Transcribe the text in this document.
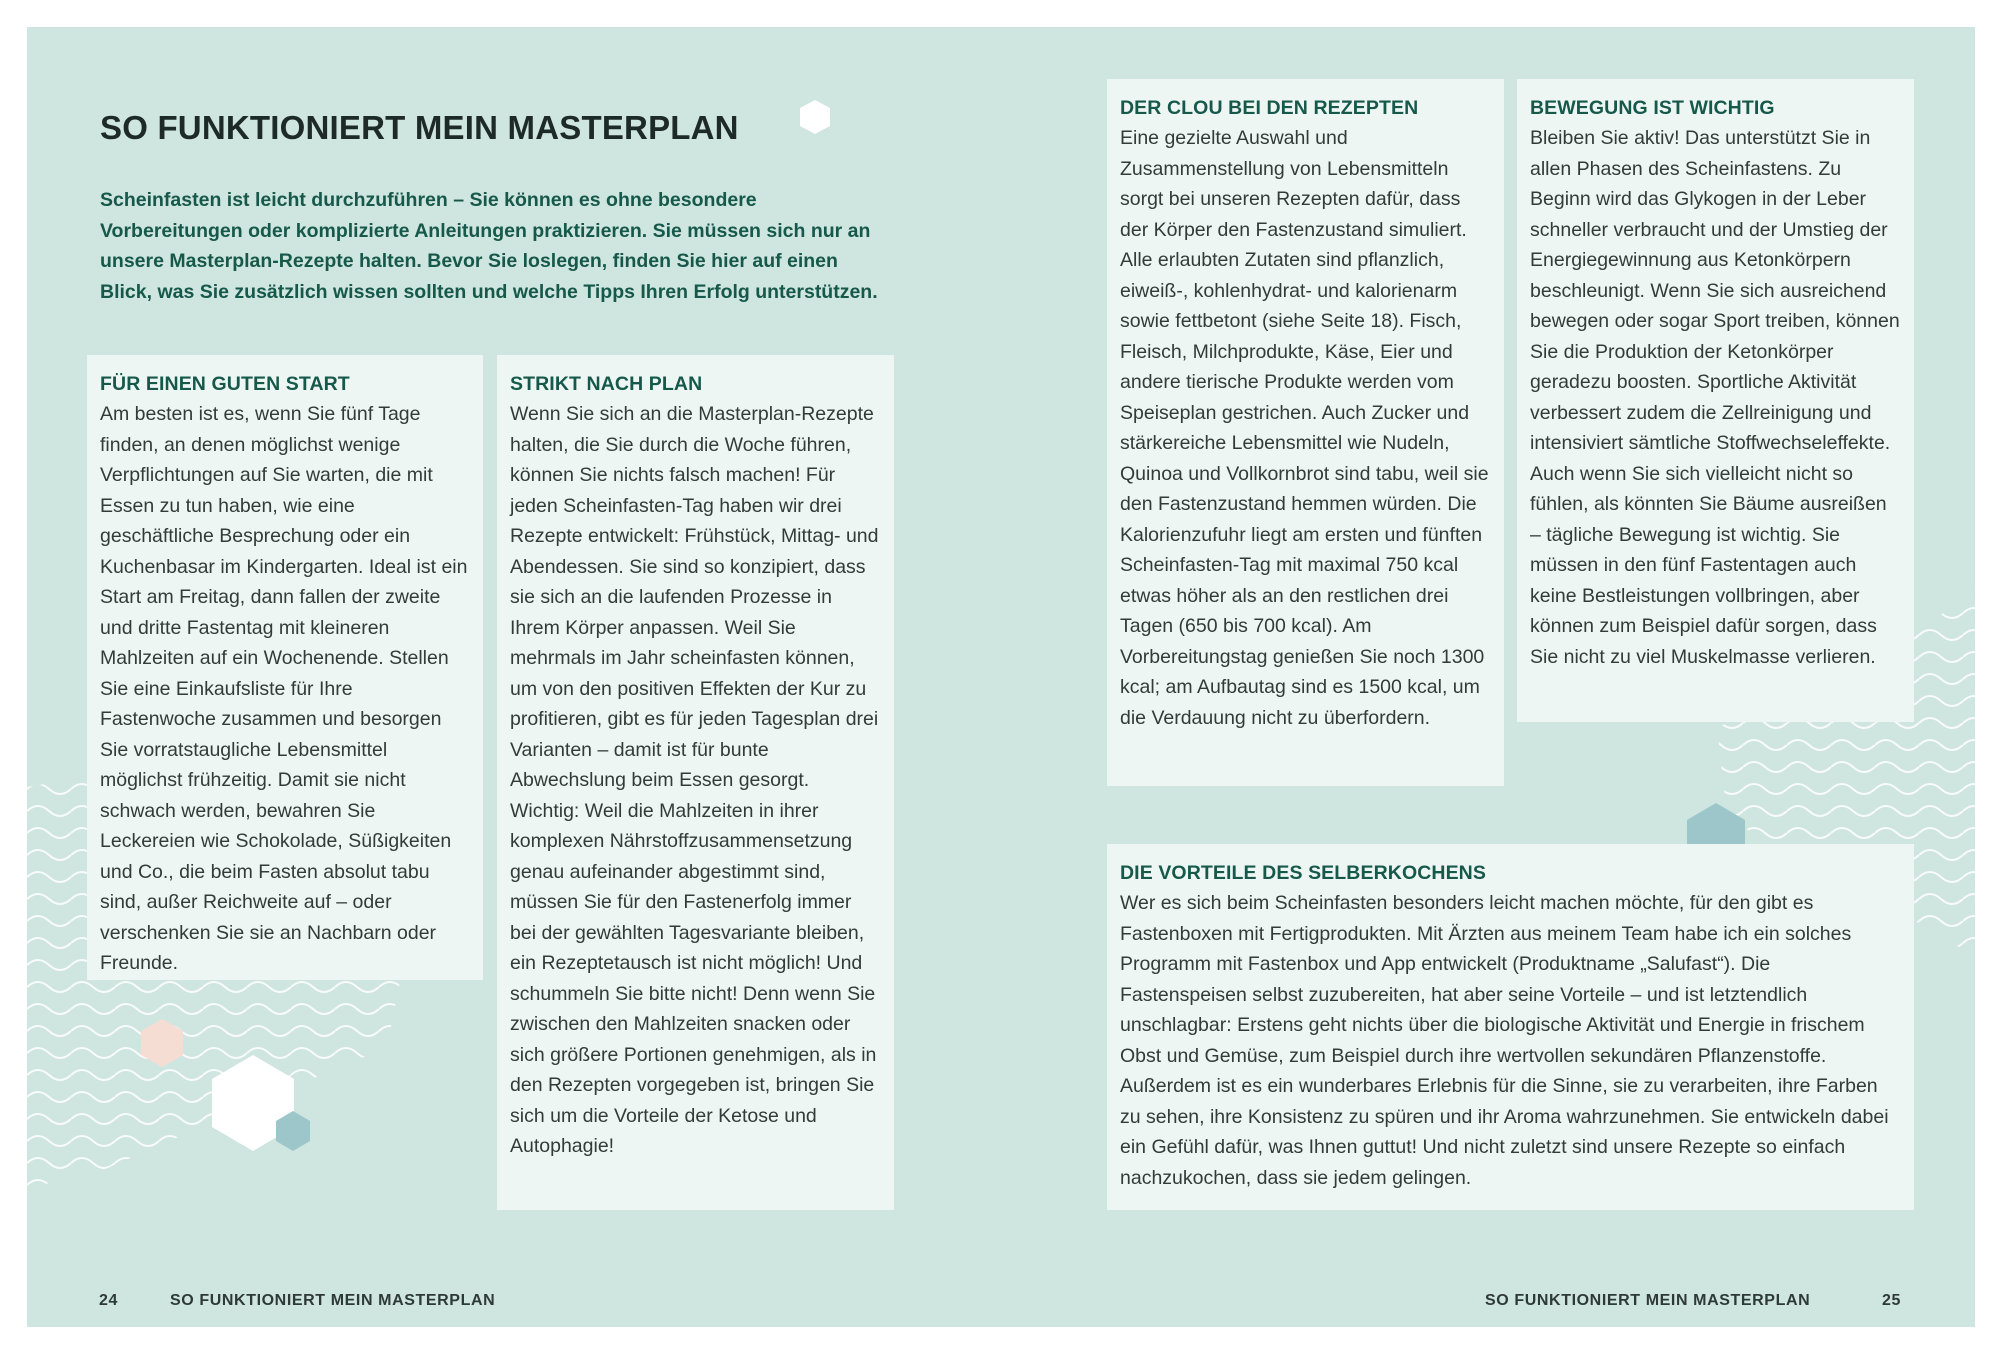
SO FUNKTIONIERT MEIN MASTERPLAN

Scheinfasten ist leicht durchzuführen – Sie können es ohne besondere Vorbereitungen oder komplizierte Anleitungen praktizieren. Sie müssen sich nur an unsere Masterplan-Rezepte halten. Bevor Sie loslegen, finden Sie hier auf einen Blick, was Sie zusätzlich wissen sollten und welche Tipps Ihren Erfolg unterstützen.

FÜR EINEN GUTEN START

Am besten ist es, wenn Sie fünf Tage finden, an denen möglichst wenige Verpflichtungen auf Sie warten, die mit Essen zu tun haben, wie eine geschäftliche Besprechung oder ein Kuchenbasar im Kindergarten. Ideal ist ein Start am Freitag, dann fallen der zweite und dritte Fastentag mit kleineren Mahlzeiten auf ein Wochenende. Stellen Sie eine Einkaufsliste für Ihre Fastenwoche zusammen und besorgen Sie vorratstaugliche Lebensmittel möglichst frühzeitig. Damit sie nicht schwach werden, bewahren Sie Leckereien wie Schokolade, Süßigkeiten und Co., die beim Fasten absolut tabu sind, außer Reichweite auf – oder verschenken Sie sie an Nachbarn oder Freunde.

STRIKT NACH PLAN

Wenn Sie sich an die Masterplan-Rezepte halten, die Sie durch die Woche führen, können Sie nichts falsch machen! Für jeden Scheinfasten-Tag haben wir drei Rezepte entwickelt: Frühstück, Mittag- und Abendessen. Sie sind so konzipiert, dass sie sich an die laufenden Prozesse in Ihrem Körper anpassen. Weil Sie mehrmals im Jahr scheinfasten können, um von den positiven Effekten der Kur zu profitieren, gibt es für jeden Tagesplan drei Varianten – damit ist für bunte Abwechslung beim Essen gesorgt. Wichtig: Weil die Mahlzeiten in ihrer komplexen Nährstoffzusammensetzung genau aufeinander abgestimmt sind, müssen Sie für den Fastenerfolg immer bei der gewählten Tagesvariante bleiben, ein Rezeptetausch ist nicht möglich! Und schummeln Sie bitte nicht! Denn wenn Sie zwischen den Mahlzeiten snacken oder sich größere Portionen genehmigen, als in den Rezepten vorgegeben ist, bringen Sie sich um die Vorteile der Ketose und Autophagie!

DER CLOU BEI DEN REZEPTEN

Eine gezielte Auswahl und Zusammenstellung von Lebensmitteln sorgt bei unseren Rezepten dafür, dass der Körper den Fastenzustand simuliert. Alle erlaubten Zutaten sind pflanzlich, eiweiß-, kohlenhydrat- und kalorienarm sowie fettbetont (siehe Seite 18). Fisch, Fleisch, Milchprodukte, Käse, Eier und andere tierische Produkte werden vom Speiseplan gestrichen. Auch Zucker und stärkereiche Lebensmittel wie Nudeln, Quinoa und Vollkornbrot sind tabu, weil sie den Fastenzustand hemmen würden. Die Kalorienzufuhr liegt am ersten und fünften Scheinfasten-Tag mit maximal 750 kcal etwas höher als an den restlichen drei Tagen (650 bis 700 kcal). Am Vorbereitungstag genießen Sie noch 1300 kcal; am Aufbautag sind es 1500 kcal, um die Verdauung nicht zu überfordern.

BEWEGUNG IST WICHTIG

Bleiben Sie aktiv! Das unterstützt Sie in allen Phasen des Scheinfastens. Zu Beginn wird das Glykogen in der Leber schneller verbraucht und der Umstieg der Energiegewinnung aus Ketonkörpern beschleunigt. Wenn Sie sich ausreichend bewegen oder sogar Sport treiben, können Sie die Produktion der Ketonkörper geradezu boosten. Sportliche Aktivität verbessert zudem die Zellreinigung und intensiviert sämtliche Stoffwechseleffekte. Auch wenn Sie sich vielleicht nicht so fühlen, als könnten Sie Bäume ausreißen – tägliche Bewegung ist wichtig. Sie müssen in den fünf Fastentagen auch keine Bestleistungen vollbringen, aber können zum Beispiel dafür sorgen, dass Sie nicht zu viel Muskelmasse verlieren.

DIE VORTEILE DES SELBERKOCHENS

Wer es sich beim Scheinfasten besonders leicht machen möchte, für den gibt es Fastenboxen mit Fertigprodukten. Mit Ärzten aus meinem Team habe ich ein solches Programm mit Fastenbox und App entwickelt (Produktname „Salufast“). Die Fastenspeisen selbst zuzubereiten, hat aber seine Vorteile – und ist letztendlich unschlagbar: Erstens geht nichts über die biologische Aktivität und Energie in frischem Obst und Gemüse, zum Beispiel durch ihre wertvollen sekundären Pflanzenstoffe. Außerdem ist es ein wunderbares Erlebnis für die Sinne, sie zu verarbeiten, ihre Farben zu sehen, ihre Konsistenz zu spüren und ihr Aroma wahrzunehmen. Sie entwickeln dabei ein Gefühl dafür, was Ihnen guttut! Und nicht zuletzt sind unsere Rezepte so einfach nachzukochen, dass sie jedem gelingen.

24	SO FUNKTIONIERT MEIN MASTERPLAN	SO FUNKTIONIERT MEIN MASTERPLAN	25
